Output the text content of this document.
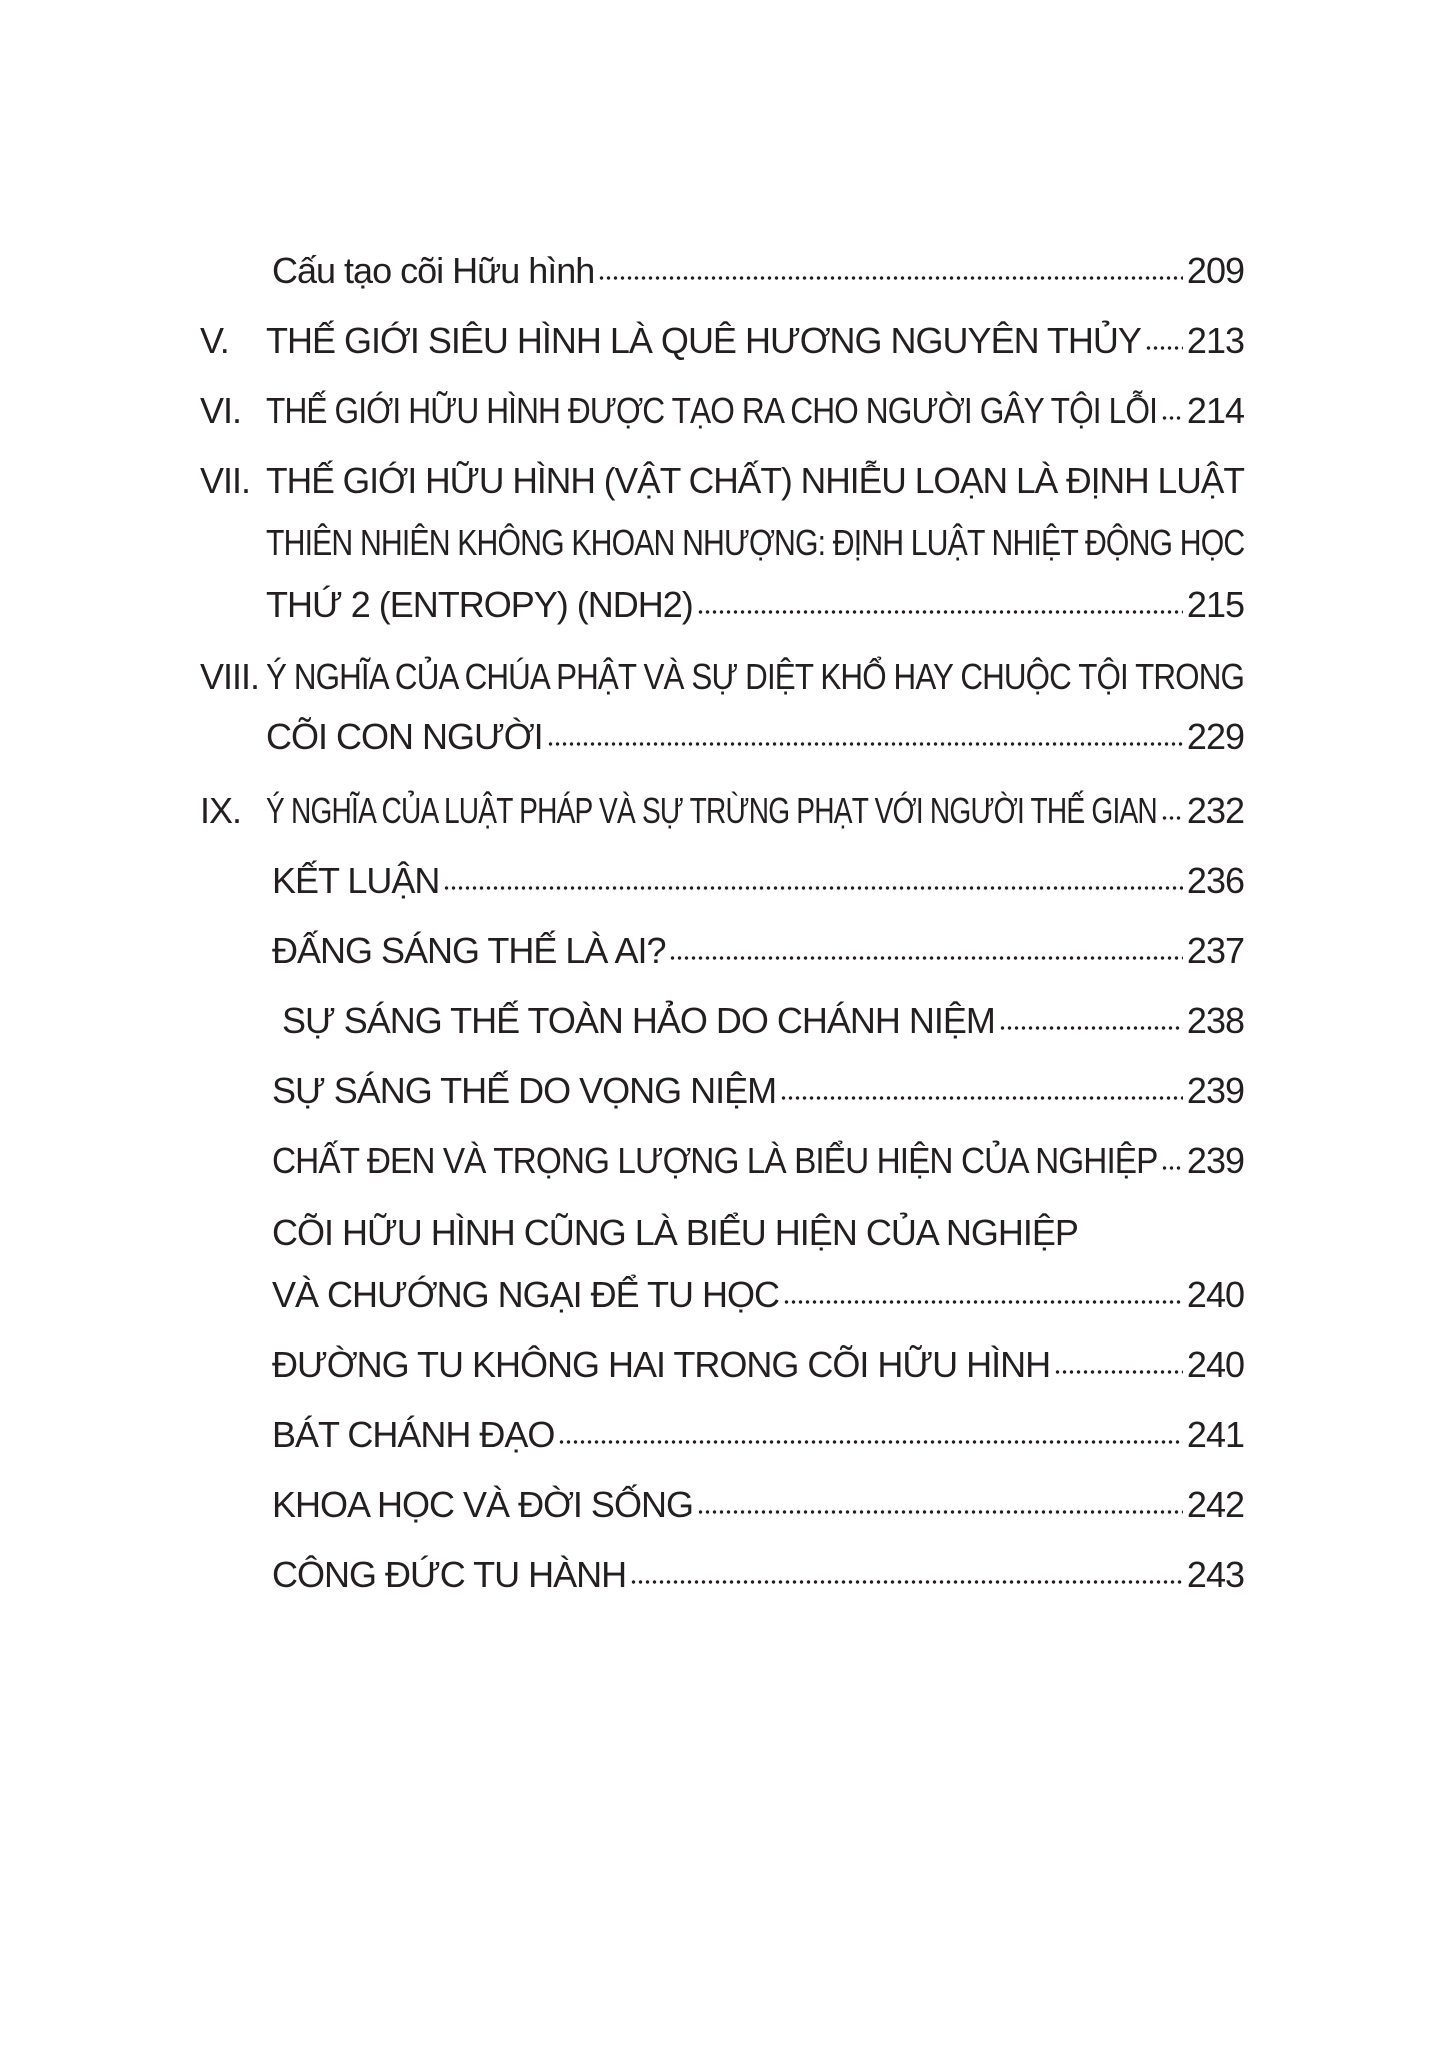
Cấu tạo cõi Hữu hình	209
V. THẾ GIỚI SIÊU HÌNH LÀ QUÊ HƯƠNG NGUYÊN THỦY 213
VI. THẾ GIỚI HỮU HÌNH ĐƯỢC TẠO RA CHO NGƯỜI GÂY TỘI LỖI 214
VII. THẾ GIỚI HỮU HÌNH (VẬT CHẤT) NHIỄU LOẠN LÀ ĐỊNH LUẬT
THIÊN NHIÊN KHÔNG KHOAN NHƯỢNG: ĐỊNH LUẬT NHIỆT ĐỘNG HỌC
THỨ 2 (ENTROPY) (NDH2)	215
VIII. Ý NGHĨA CỦA CHÚA PHẬT VÀ SỰ DIỆT KHỔ HAY CHUỘC TỘI TRONG
CÕI CON NGƯỜI	229
IX. Ý NGHĨA CỦA LUẬT PHÁP VÀ SỰ TRỪNG PHẠT VỚI NGƯỜI THẾ GIAN 232
KẾT LUẬN	236
ĐẤNG SÁNG THẾ LÀ AI?	237
SỰ SÁNG THẾ TOÀN HẢO DO CHÁNH NIỆM	238
SỰ SÁNG THẾ DO VỌNG NIỆM	239
CHẤT ĐEN VÀ TRỌNG LƯỢNG LÀ BIỂU HIỆN CỦA NGHIỆP 239
CÕI HỮU HÌNH CŨNG LÀ BIỂU HIỆN CỦA NGHIỆP
VÀ CHƯỚNG NGẠI ĐỂ TU HỌC	240
ĐƯỜNG TU KHÔNG HAI TRONG CÕI HỮU HÌNH	240
BÁT CHÁNH ĐẠO	241
KHOA HỌC VÀ ĐỜI SỐNG	242
CÔNG ĐỨC TU HÀNH	243
